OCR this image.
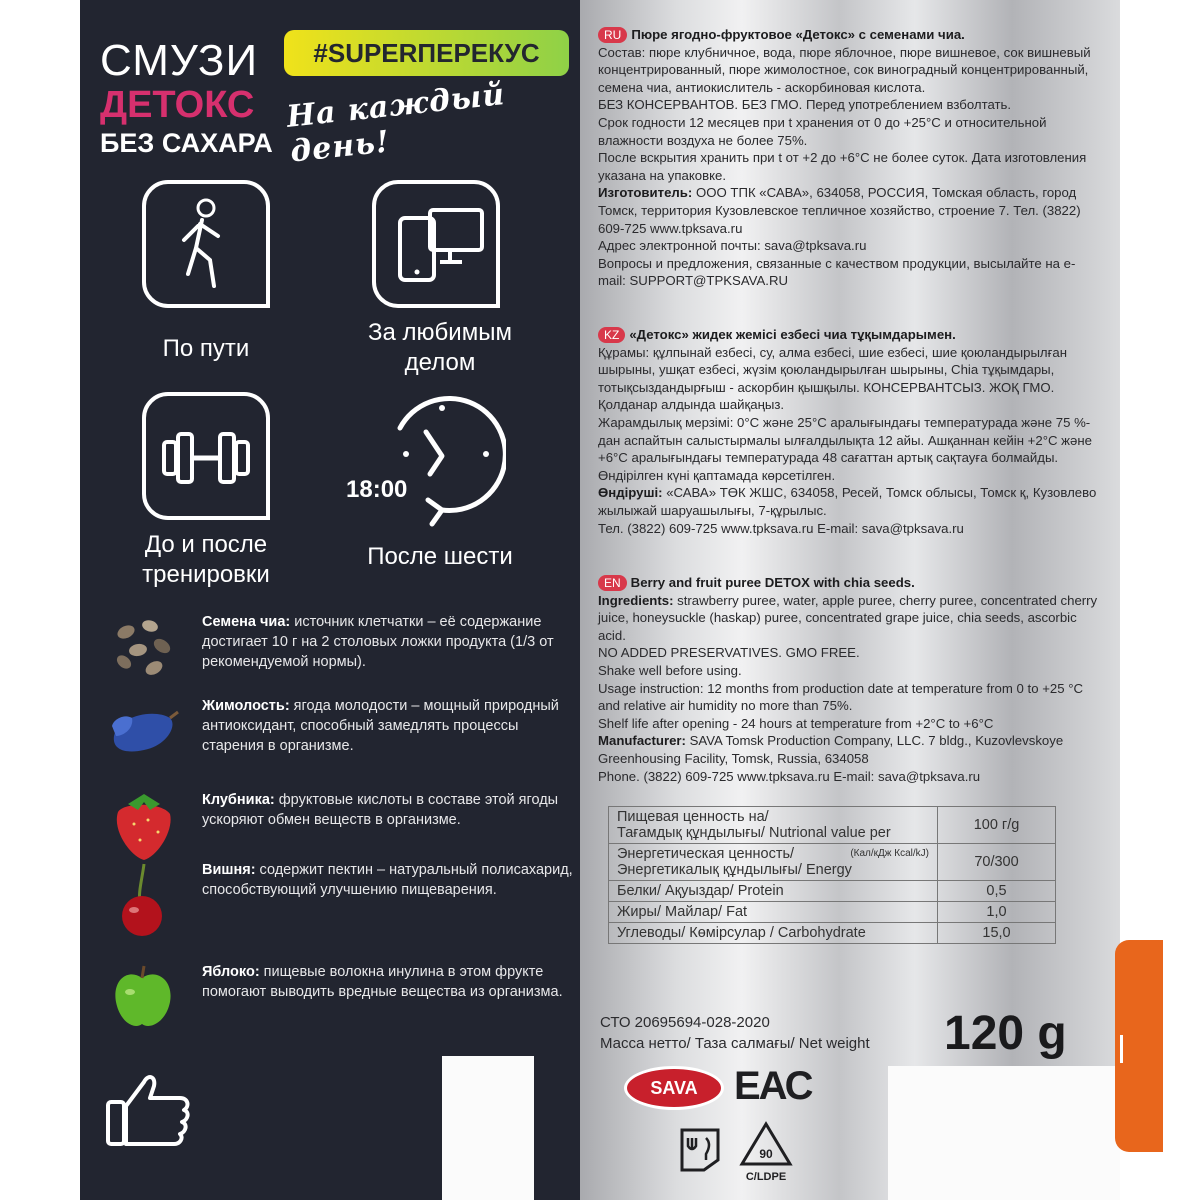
СМУЗИ
ДЕТОКС
БЕЗ САХАРА
#SUPERПЕРЕКУС
На каждый день!
По пути
За любимым
делом
До и после
тренировки
18:00
После шести
Семена чиа: источник клетчатки – её содержание достигает 10 г на 2 столовых ложки продукта (1/3 от рекомендуемой нормы).
Жимолость: ягода молодости – мощный природный антиоксидант, способный замедлять процессы старения в организме.
Клубника: фруктовые кислоты в составе этой ягоды ускоряют обмен веществ в организме.
Вишня: содержит пектин – натуральный полисахарид, способствующий улучшению пищеварения.
Яблоко: пищевые волокна инулина в этом фрукте помогают выводить вредные вещества из организма.
RU Пюре ягодно-фруктовое «Детокс» с семенами чиа.
Состав: пюре клубничное, вода, пюре яблочное, пюре вишневое, сок вишневый концентрированный, пюре жимолостное, сок виноградный концентрированный, семена чиа, антиокислитель - аскорбиновая кислота.
БЕЗ КОНСЕРВАНТОВ. БЕЗ ГМО. Перед употреблением взболтать.
Срок годности 12 месяцев при t хранения от 0 до +25°С и относительной влажности воздуха не более 75%.
После вскрытия хранить при t от +2 до +6°С не более суток. Дата изготовления указана на упаковке.
Изготовитель: ООО ТПК «САВА», 634058, РОССИЯ, Томская область, город Томск, территория Кузовлевское тепличное хозяйство, строение 7. Тел. (3822) 609-725 www.tpksava.ru
Адрес электронной почты: sava@tpksava.ru
Вопросы и предложения, связанные с качеством продукции, высылайте на e-mail: SUPPORT@TPKSAVA.RU
KZ «Детокс» жидек жемісі езбесі чиа тұқымдарымен.
Құрамы: құлпынай езбесі, су, алма езбесі, шие езбесі, шие қоюландырылған шырыны, ушқат езбесі, жүзім қоюландырылған шырыны, Chia тұқымдары, тотықсыздандырғыш - аскорбин қышқылы. КОНСЕРВАНТСЫЗ. ЖОҚ ГМО. Қолданар алдында шайқаңыз.
Жарамдылық мерзімі: 0°С және 25°С аралығындағы температурада және 75 %-дан аспайтын салыстырмалы ылғалдылықта 12 айы. Ашқаннан кейін +2°С және +6°С аралығындағы температурада 48 сағаттан артық сақтауға болмайды. Өндірілген күні қаптамада көрсетілген.
Өндіруші: «САВА» ТӨК ЖШС, 634058, Ресей, Томск облысы, Томск қ, Кузовлево жылыжай шаруашылығы, 7-құрылыс.
Тел. (3822) 609-725 www.tpksava.ru E-mail: sava@tpksava.ru
EN Berry and fruit puree DETOX with chia seeds.
Ingredients: strawberry puree, water, apple puree, cherry puree, concentrated cherry juice, honeysuckle (haskap) puree, concentrated grape juice, chia seeds, ascorbic acid.
NO ADDED PRESERVATIVES. GMO FREE.
Shake well before using.
Usage instruction: 12 months from production date at temperature from 0 to +25 °C and relative air humidity no more than 75%.
Shelf life after opening - 24 hours at temperature from +2°C to +6°C
Manufacturer: SAVA Tomsk Production Company, LLC. 7 bldg., Kuzovlevskoye Greenhousing Facility, Tomsk, Russia, 634058
Phone. (3822) 609-725 www.tpksava.ru E-mail: sava@tpksava.ru
Пищевая ценность на/
Тағамдық құндылығы/ Nutrional value per	100 г/g

(Кал/кДж Кcal/kJ)
Энергетическая ценность/
Энергетикалық құндылығы/ Energy	70/300
Белки/ Ақуыздар/ Protein	0,5
Жиры/ Майлар/ Fat	1,0
Углеводы/ Көмірсулар / Carbohydrate	15,0
СТО 20695694-028-2020
Масса нетто/ Таза салмағы/ Net weight 120 g
SAVA ЕАС
90
C/LDPE
